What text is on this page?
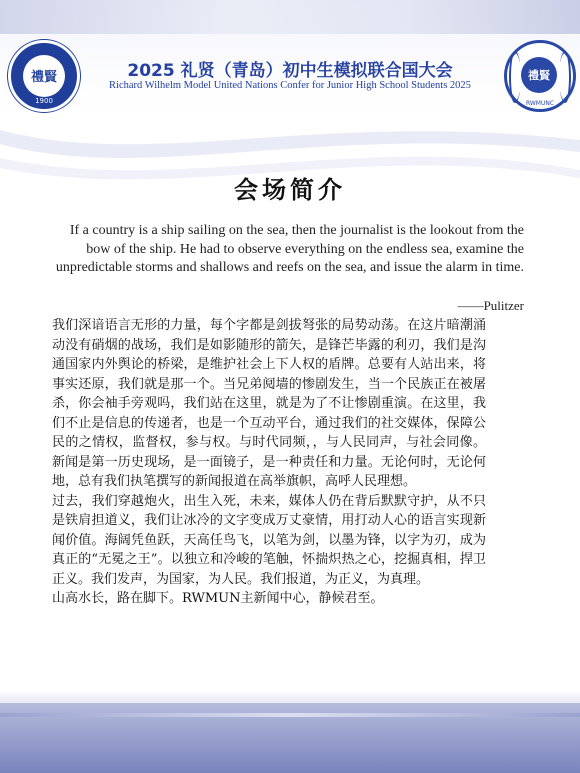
禮賢
1900
2025 礼贤（青岛）初中生模拟联合国大会
Richard Wilhelm Model United Nations Confer for Junior High School Students 2025
禮賢
RWMUNC
会场简介
If a country is a ship sailing on the sea, then the journalist is the lookout from the bow of the ship. He had to observe everything on the endless sea, examine the unpredictable storms and shallows and reefs on the sea, and issue the alarm in time.
——Pulitzer

我们深谙语言无形的力量，每个字都是剑拔弩张的局势动荡。在这片暗潮涌动没有硝烟的战场，我们是如影随形的箭矢，是锋芒毕露的利刃，我们是沟通国家内外舆论的桥梁，是维护社会上下人权的盾牌。总要有人站出来，将事实还原，我们就是那一个。当兄弟阋墙的惨剧发生，当一个民族正在被屠杀，你会袖手旁观吗，我们站在这里，就是为了不让惨剧重演。在这里，我们不止是信息的传递者，也是一个互动平台，通过我们的社交媒体，保障公民的之情权，监督权，参与权。与时代同频，，与人民同声，与社会同像。新闻是第一历史现场，是一面镜子，是一种责任和力量。无论何时，无论何地，总有我们执笔撰写的新闻报道在高举旗帜，高呼人民理想。

过去，我们穿越炮火，出生入死，未来，媒体人仍在背后默默守护，从不只是铁肩担道义，我们让冰冷的文字变成万丈豪情，用打动人心的语言实现新闻价值。海阔凭鱼跃，天高任鸟飞，以笔为剑，以墨为锋，以字为刃，成为真正的“无冕之王”。以独立和冷峻的笔触，怀揣炽热之心，挖掘真相，捍卫正义。我们发声，为国家，为人民。我们报道，为正义，为真理。

山高水长，路在脚下。RWMUN主新闻中心，静候君至。
